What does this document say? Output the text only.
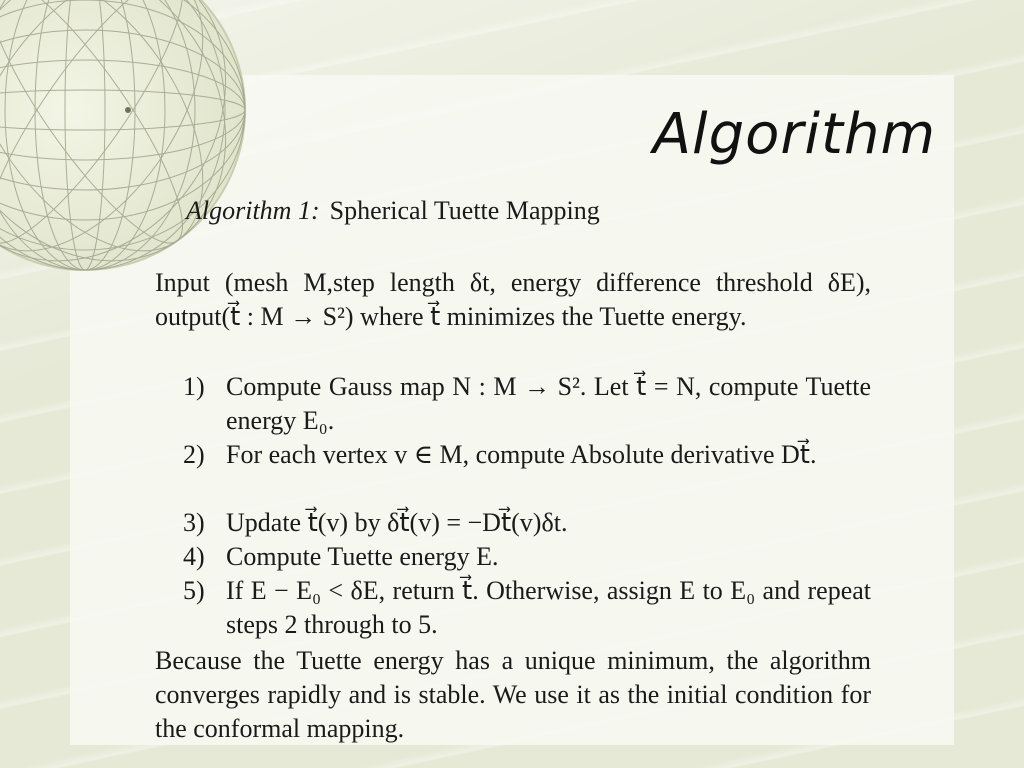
Algorithm
Algorithm 1: Spherical Tuette Mapping
Input (mesh M,step length δt, energy difference threshold δE), output(t⃗ : M → S²) where t⃗ minimizes the Tuette energy.
1) Compute Gauss map N : M → S². Let t⃗ = N, compute Tuette energy E₀.
2) For each vertex v ∈ M, compute Absolute derivative Dt⃗.
3) Update t⃗(v) by δt⃗(v) = −Dt⃗(v)δt.
4) Compute Tuette energy E.
5) If E − E₀ < δE, return t⃗. Otherwise, assign E to E₀ and repeat steps 2 through to 5.
Because the Tuette energy has a unique minimum, the algorithm converges rapidly and is stable. We use it as the initial condition for the conformal mapping.
